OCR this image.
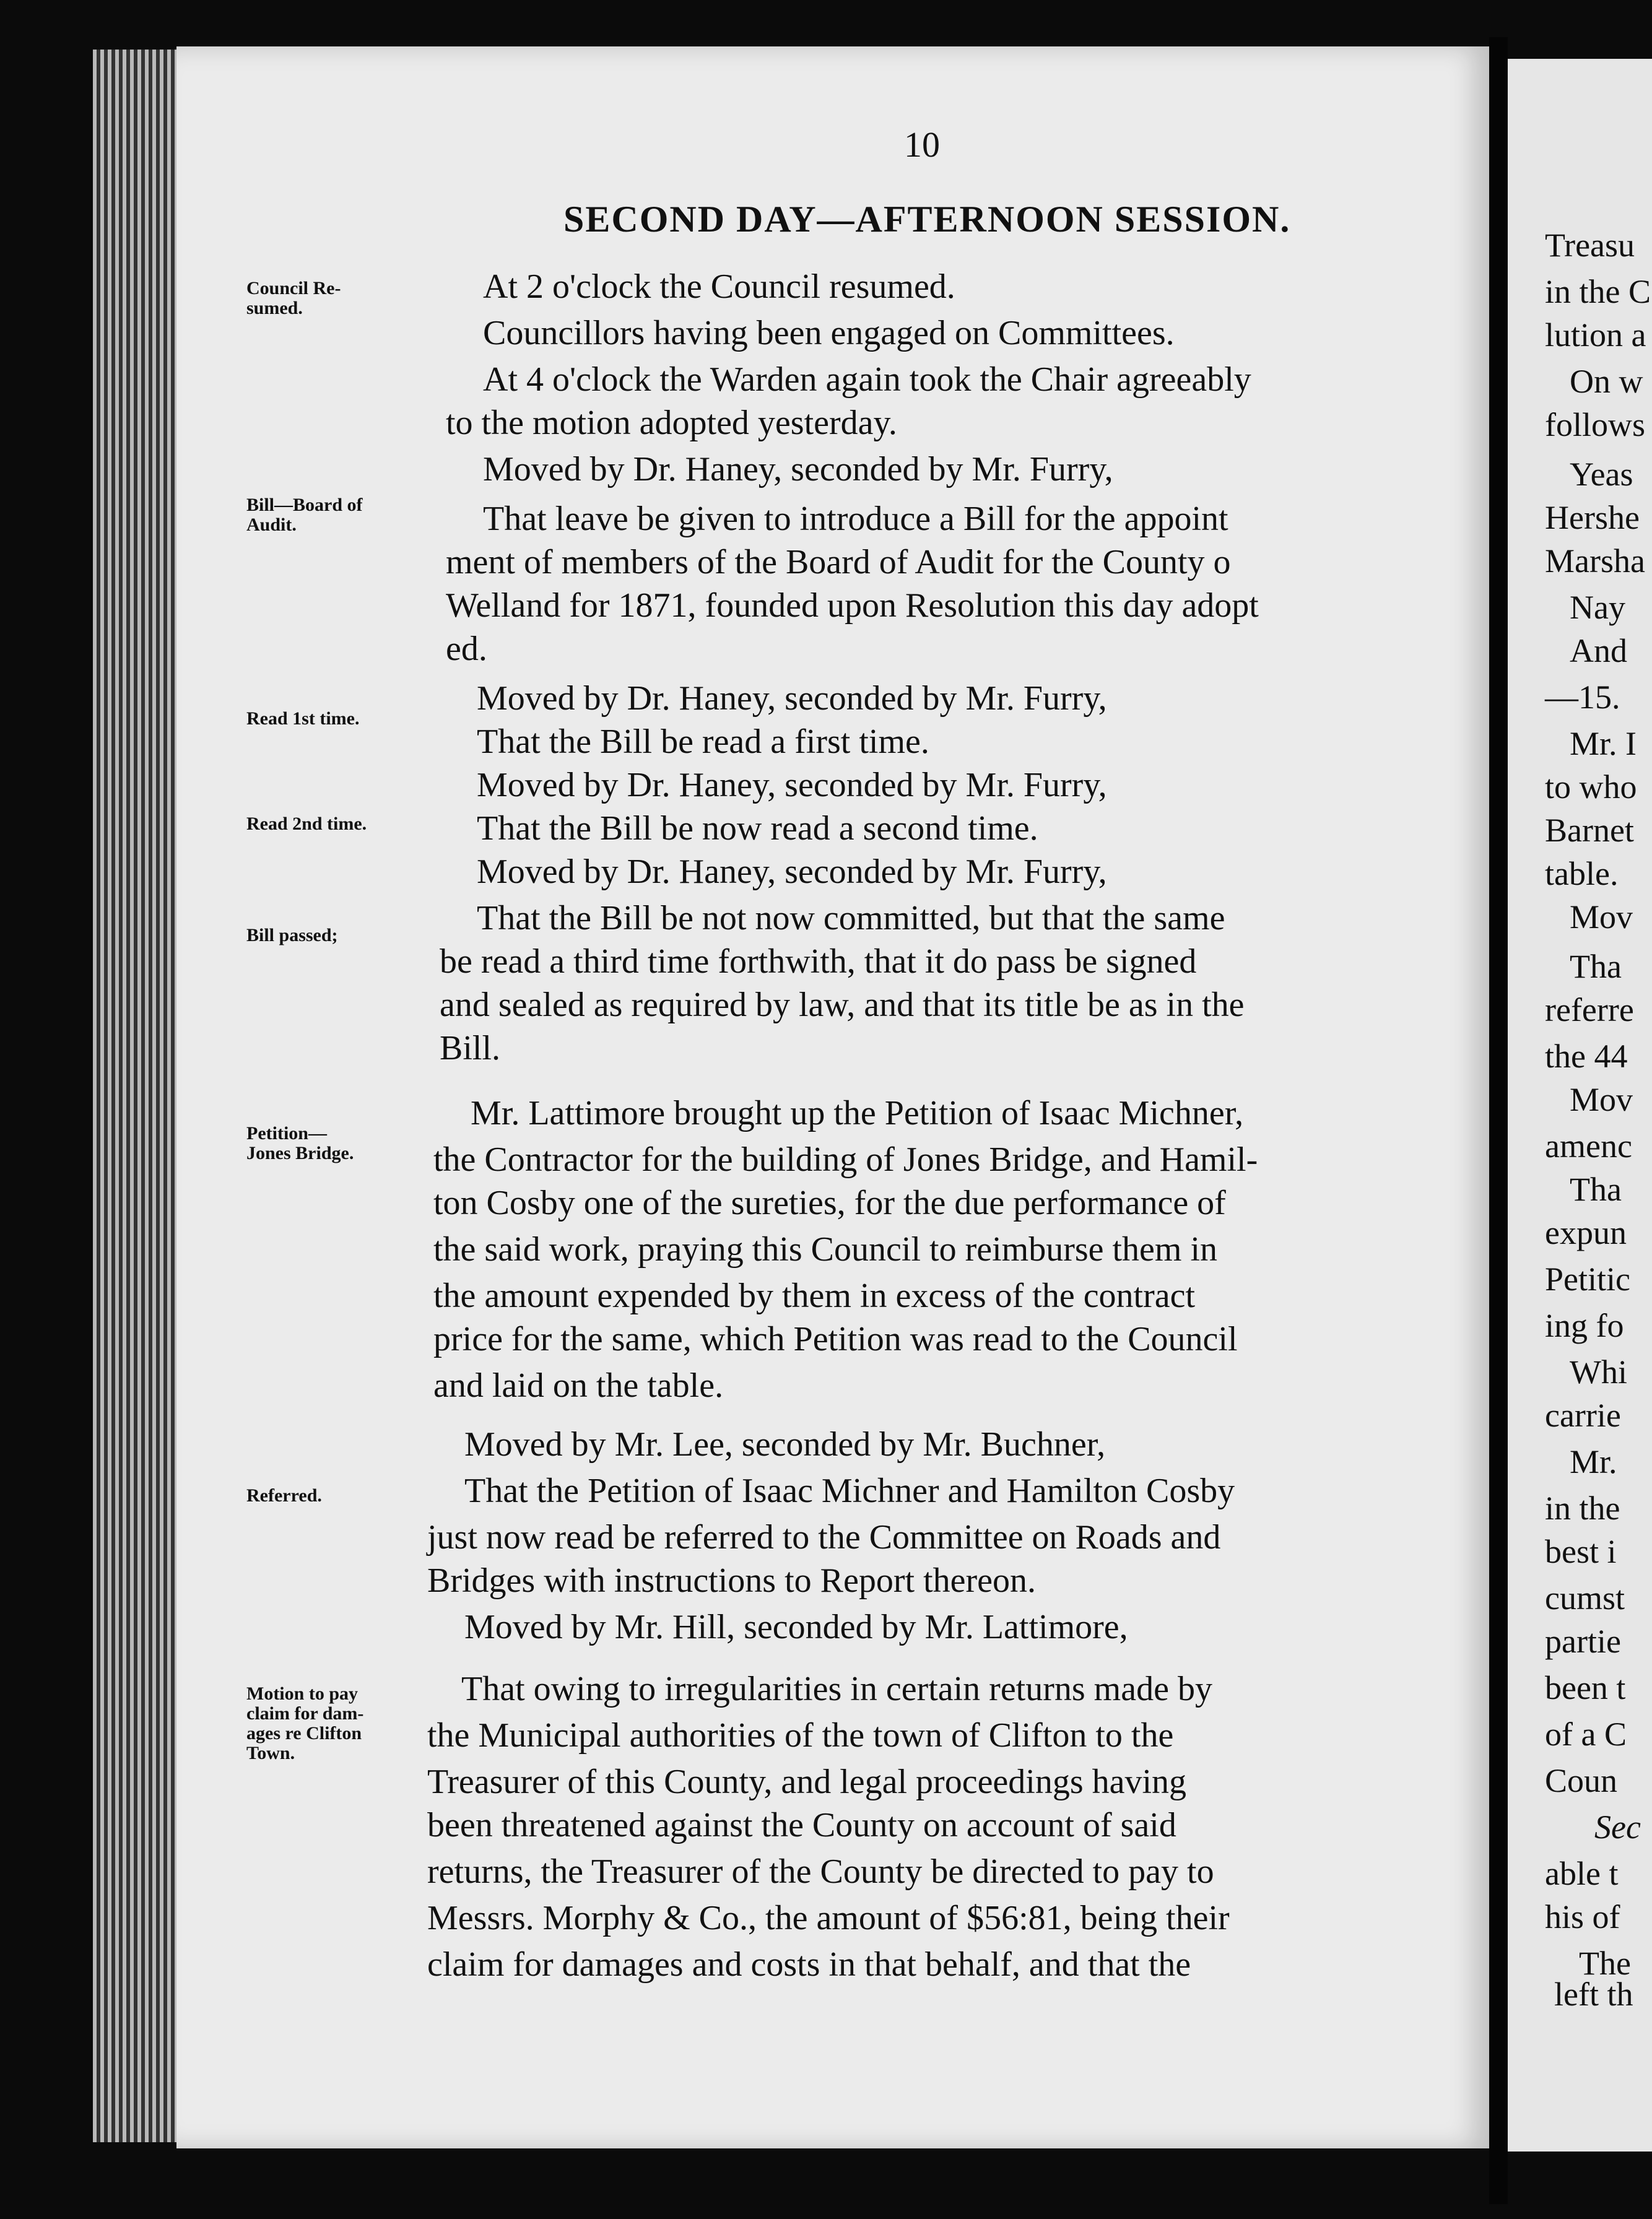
10
SECOND DAY—AFTERNOON SESSION.
Council Re-
sumed.
Bill—Board of
Audit.
Read 1st time.
Read 2nd time.
Bill passed;
Petition—
Jones Bridge.
Referred.
Motion to pay
claim for dam-
ages re Clifton
Town.
At 2 o'clock the Council resumed.
Councillors having been engaged on Committees.
At 4 o'clock the Warden again took the Chair agreeably
to the motion adopted yesterday.
Moved by Dr. Haney, seconded by Mr. Furry,
That leave be given to introduce a Bill for the appoint
ment of members of the Board of Audit for the County o
Welland for 1871, founded upon Resolution this day adopt
ed.
Moved by Dr. Haney, seconded by Mr. Furry,
That the Bill be read a first time.
Moved by Dr. Haney, seconded by Mr. Furry,
That the Bill be now read a second time.
Moved by Dr. Haney, seconded by Mr. Furry,
That the Bill be not now committed, but that the same
be read a third time forthwith, that it do pass be signed
and sealed as required by law, and that its title be as in the
Bill.
Mr. Lattimore brought up the Petition of Isaac Michner,
the Contractor for the building of Jones Bridge, and Hamil-
ton Cosby one of the sureties, for the due performance of
the said work, praying this Council to reimburse them in
the amount expended by them in excess of the contract
price for the same, which Petition was read to the Council
and laid on the table.
Moved by Mr. Lee, seconded by Mr. Buchner,
That the Petition of Isaac Michner and Hamilton Cosby
just now read be referred to the Committee on Roads and
Bridges with instructions to Report thereon.
Moved by Mr. Hill, seconded by Mr. Lattimore,
That owing to irregularities in certain returns made by
the Municipal authorities of the town of Clifton to the
Treasurer of this County, and legal proceedings having
been threatened against the County on account of said
returns, the Treasurer of the County be directed to pay to
Messrs. Morphy & Co., the amount of $56:81, being their
claim for damages and costs in that behalf, and that the
Treasu
in the C
lution a
On w
follows
Yeas
Hershe
Marsha
Nay
And
—15.
Mr. I
to who
Barnet
table.
Mov
Tha
referre
the 44
Mov
amenc
Tha
expun
Petitic
ing fo
Whi
carrie
Mr.
in the
best i
cumst
partie
been t
of a C
Coun
Sec
able t
his of
The
left th
